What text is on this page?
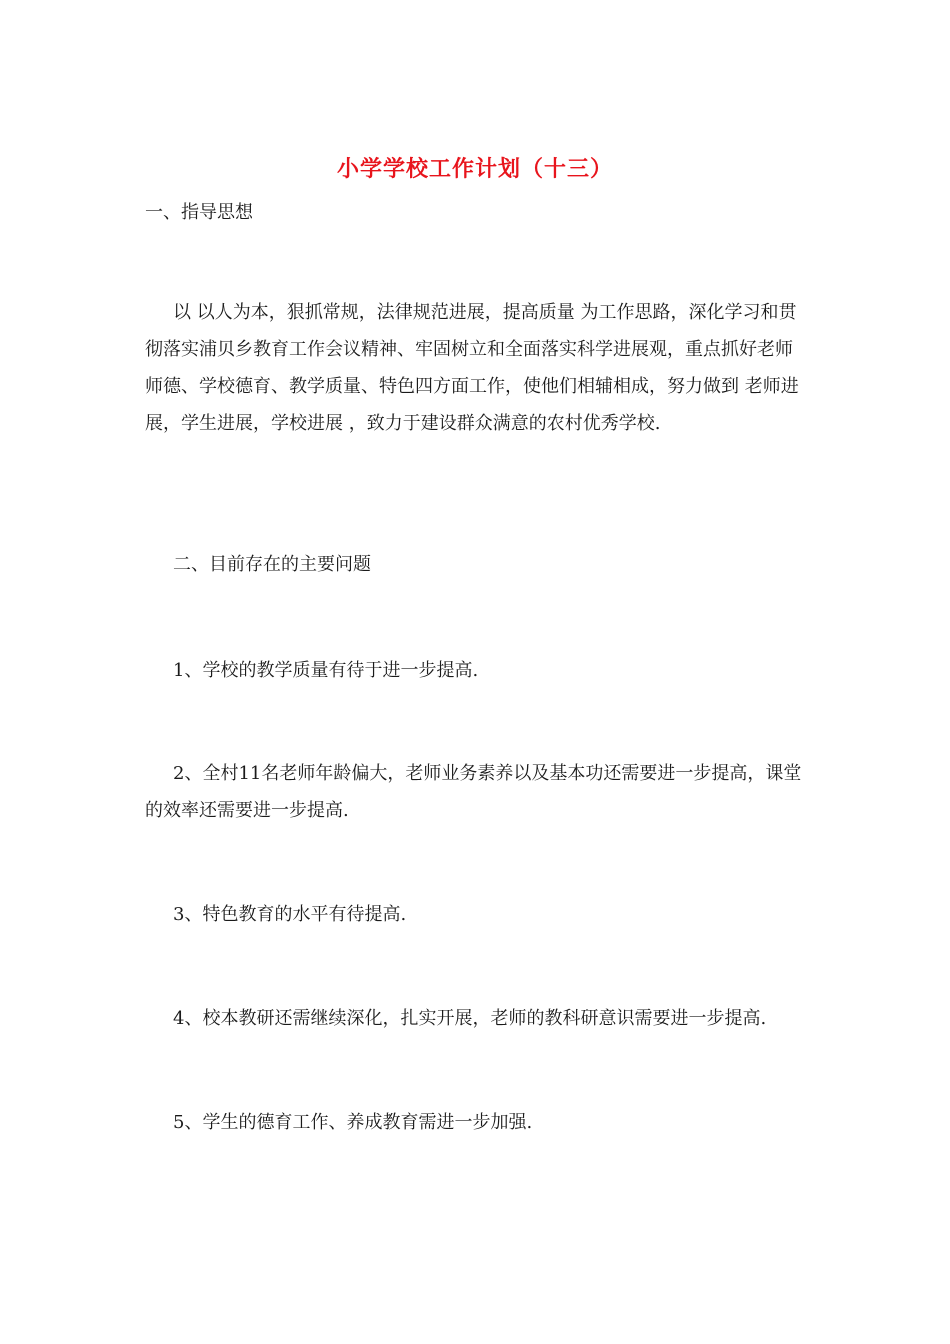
小学学校工作计划（十三）
一、指导思想
以 以人为本，狠抓常规，法律规范进展，提高质量 为工作思路，深化学习和贯彻落实浦贝乡教育工作会议精神、牢固树立和全面落实科学进展观，重点抓好老师师德、学校德育、教学质量、特色四方面工作，使他们相辅相成，努力做到 老师进展，学生进展，学校进展 ，致力于建设群众满意的农村优秀学校.
二、目前存在的主要问题
1、学校的教学质量有待于进一步提高.
2、全村11名老师年龄偏大，老师业务素养以及基本功还需要进一步提高，课堂的效率还需要进一步提高.
3、特色教育的水平有待提高.
4、校本教研还需继续深化，扎实开展，老师的教科研意识需要进一步提高.
5、学生的德育工作、养成教育需进一步加强.
